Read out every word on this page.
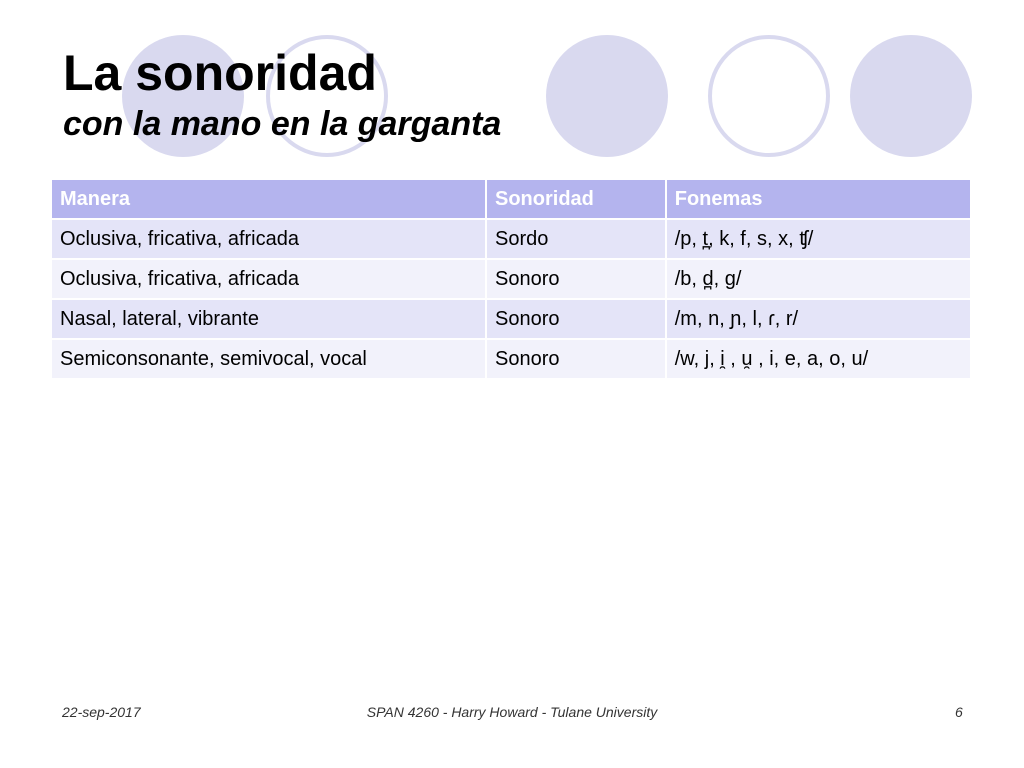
La sonoridad
con la mano en la garganta
Manera	Sonoridad	Fonemas
Oclusiva, fricativa, africada	Sordo	/p, t̪, k, f, s, x, ʧ/
Oclusiva, fricativa, africada	Sonoro	/b, d̪, g/
Nasal, lateral, vibrante	Sonoro	/m, n, ɲ, l, ɾ, r/
Semiconsonante, semivocal, vocal	Sonoro	/w, j, i̯ , u̯ , i, e, a, o, u/
22-sep-2017	SPAN 4260 - Harry Howard - Tulane University	6
